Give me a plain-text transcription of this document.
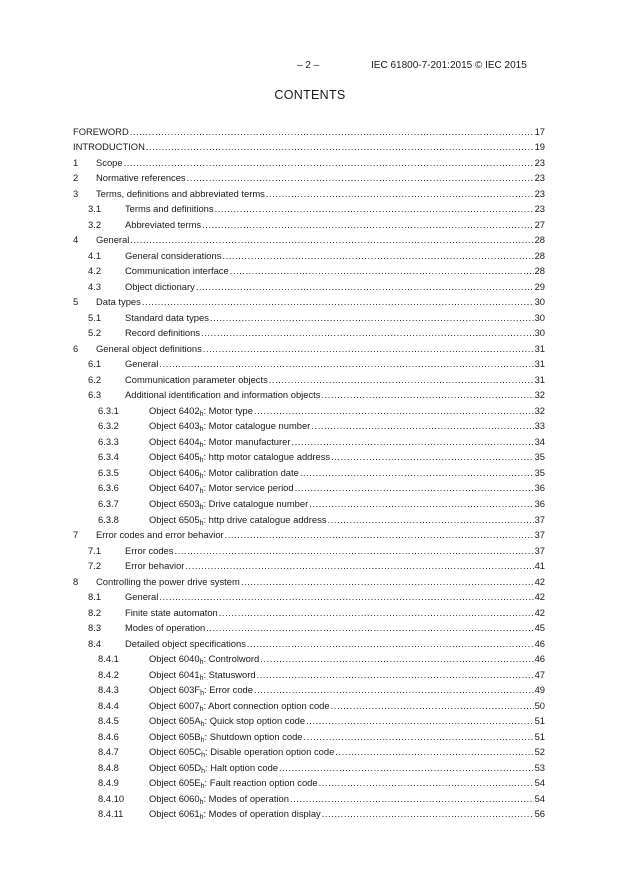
– 2 –	IEC 61800-7-201:2015 © IEC 2015
CONTENTS
FOREWORD .....	17
INTRODUCTION .....	19
1 Scope .....	23
2 Normative references .....	23
3 Terms, definitions and abbreviated terms .....	23
3.1	Terms and definitions .....	23
3.2	Abbreviated terms .....	27
4 General .....	28
4.1	General considerations .....	28
4.2	Communication interface .....	28
4.3	Object dictionary .....	29
5 Data types .....	30
5.1	Standard data types .....	30
5.2	Record definitions .....	30
6 General object definitions .....	31
6.1	General .....	31
6.2	Communication parameter objects .....	31
6.3	Additional identification and information objects .....	32
6.3.1	Object $6402_h$: Motor type .....	32
6.3.2	Object $6403_h$: Motor catalogue number .....	33
6.3.3	Object $6404_h$: Motor manufacturer .....	34
6.3.4	Object $6405_h$: http motor catalogue address .....	35
6.3.5	Object $6406_h$: Motor calibration date .....	35
6.3.6	Object $6407_h$: Motor service period .....	36
6.3.7	Object $6503_h$: Drive catalogue number .....	36
6.3.8	Object $6505_h$: http drive catalogue address .....	37
7 Error codes and error behavior .....	37
7.1	Error codes .....	37
7.2	Error behavior .....	41
8 Controlling the power drive system .....	42
8.1	General .....	42
8.2	Finite state automaton .....	42
8.3	Modes of operation .....	45
8.4	Detailed object specifications .....	46
8.4.1	Object $6040_h$: Controlword .....	46
8.4.2	Object $6041_h$: Statusword .....	47
8.4.3	Object $603F_h$: Error code .....	49
8.4.4	Object $6007_h$: Abort connection option code .....	50
8.4.5	Object $605A_h$: Quick stop option code .....	51
8.4.6	Object $605B_h$: Shutdown option code .....	51
8.4.7	Object $605C_h$: Disable operation option code .....	52
8.4.8	Object $605D_h$: Halt option code .....	53
8.4.9	Object $605E_h$: Fault reaction option code .....	54
8.4.10	Object $6060_h$: Modes of operation .....	54
8.4.11	Object $6061_h$: Modes of operation display .....	56
